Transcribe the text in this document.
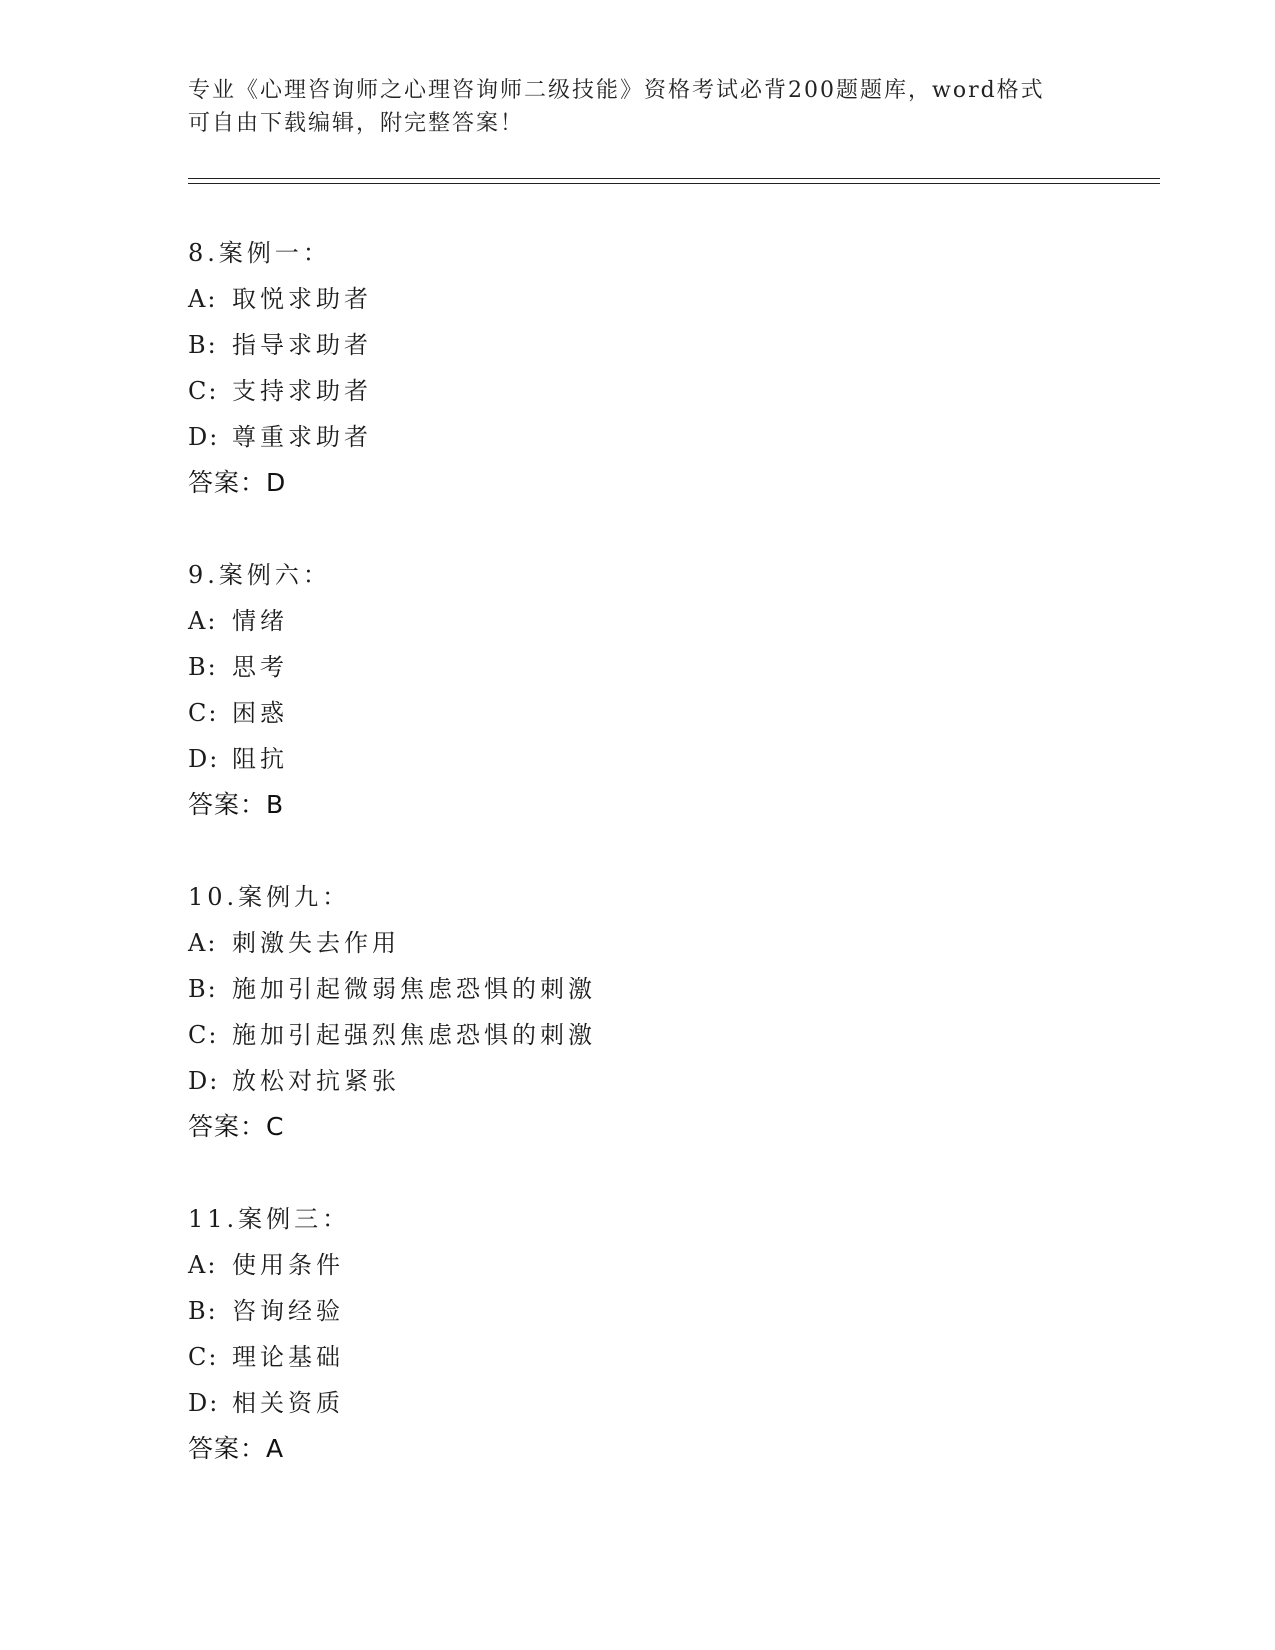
专业《心理咨询师之心理咨询师二级技能》资格考试必背200题题库，word格式
可自由下载编辑，附完整答案！
8.案例一：
A: 取悦求助者
B: 指导求助者
C: 支持求助者
D: 尊重求助者
答案：D
9.案例六：
A: 情绪
B: 思考
C: 困惑
D: 阻抗
答案：B
10.案例九：
A: 刺激失去作用
B: 施加引起微弱焦虑恐惧的刺激
C: 施加引起强烈焦虑恐惧的刺激
D: 放松对抗紧张
答案：C
11.案例三：
A: 使用条件
B: 咨询经验
C: 理论基础
D: 相关资质
答案：A
